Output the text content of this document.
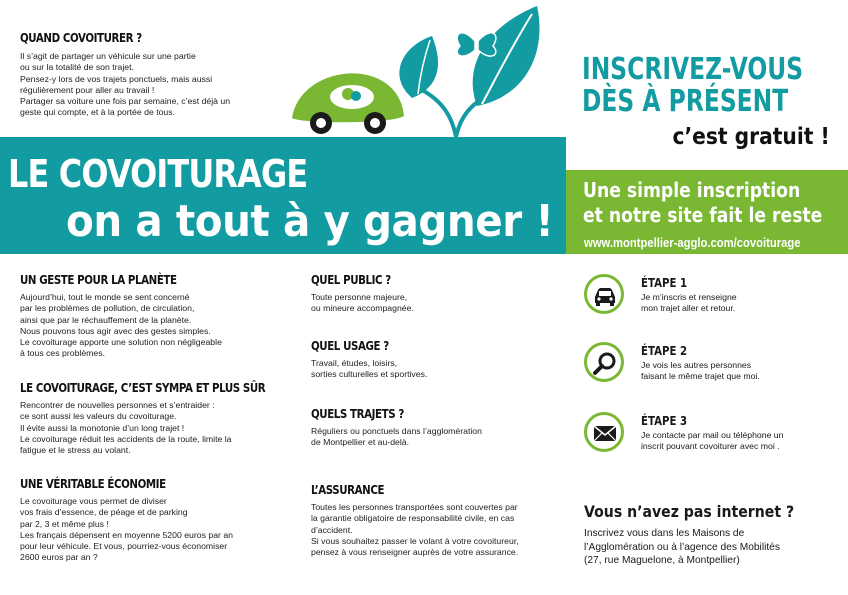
QUAND COVOITURER ?

Il s’agit de partager un véhicule sur une partie
ou sur la totalité de son trajet.
Pensez-y lors de vos trajets ponctuels, mais aussi
régulièrement pour aller au travail !
Partager sa voiture une fois par semaine, c’est déjà un
geste qui compte, et à la portée de tous.

INSCRIVEZ-VOUS
DÈS À PRÉSENT
c’est gratuit !
LE COVOITURAGE
on a tout à y gagner !
Une simple inscription
et notre site fait le reste
www.montpellier-agglo.com/covoiturage

UN GESTE POUR LA PLANÈTE

Aujourd’hui, tout le monde se sent concerné
par les problèmes de pollution, de circulation,
ainsi que par le réchauffement de la planète.
Nous pouvons tous agir avec des gestes simples.
Le covoiturage apporte une solution non négligeable
à tous ces problèmes.

LE COVOITURAGE, C’EST SYMPA ET PLUS SÛR

Rencontrer de nouvelles personnes et s’entraider :
ce sont aussi les valeurs du covoiturage.
Il évite aussi la monotonie d’un long trajet !
Le covoiturage réduit les accidents de la route, limite la
fatigue et le stress au volant.

UNE VÉRITABLE ÉCONOMIE

Le covoiturage vous permet de diviser
vos frais d’essence, de péage et de parking
par 2, 3 et même plus !
Les français dépensent en moyenne 5200 euros par an
pour leur véhicule. Et vous, pourriez-vous économiser
2600 euros par an ?

QUEL PUBLIC ?

Toute personne majeure,
ou mineure accompagnée.

QUEL USAGE ?

Travail, études, loisirs,
sorties culturelles et sportives.

QUELS TRAJETS ?

Réguliers ou ponctuels dans l’agglomération
de Montpellier et au-delà.

L’ASSURANCE

Toutes les personnes transportées sont couvertes par
la garantie obligatoire de responsabilité civile, en cas
d’accident.
Si vous souhaitez passer le volant à votre covoitureur,
pensez à vous renseigner auprès de votre assurance.

ÉTAPE 1
Je m’inscris et renseigne
mon trajet aller et retour.
ÉTAPE 2
Je vois les autres personnes
faisant le même trajet que moi.
ÉTAPE 3
Je contacte par mail ou téléphone un
inscrit pouvant covoiturer avec moi .
Vous n’avez pas internet ?
Inscrivez vous dans les Maisons de
l’Agglomération ou à l’agence des Mobilités
(27, rue Maguelone, à Montpellier)
